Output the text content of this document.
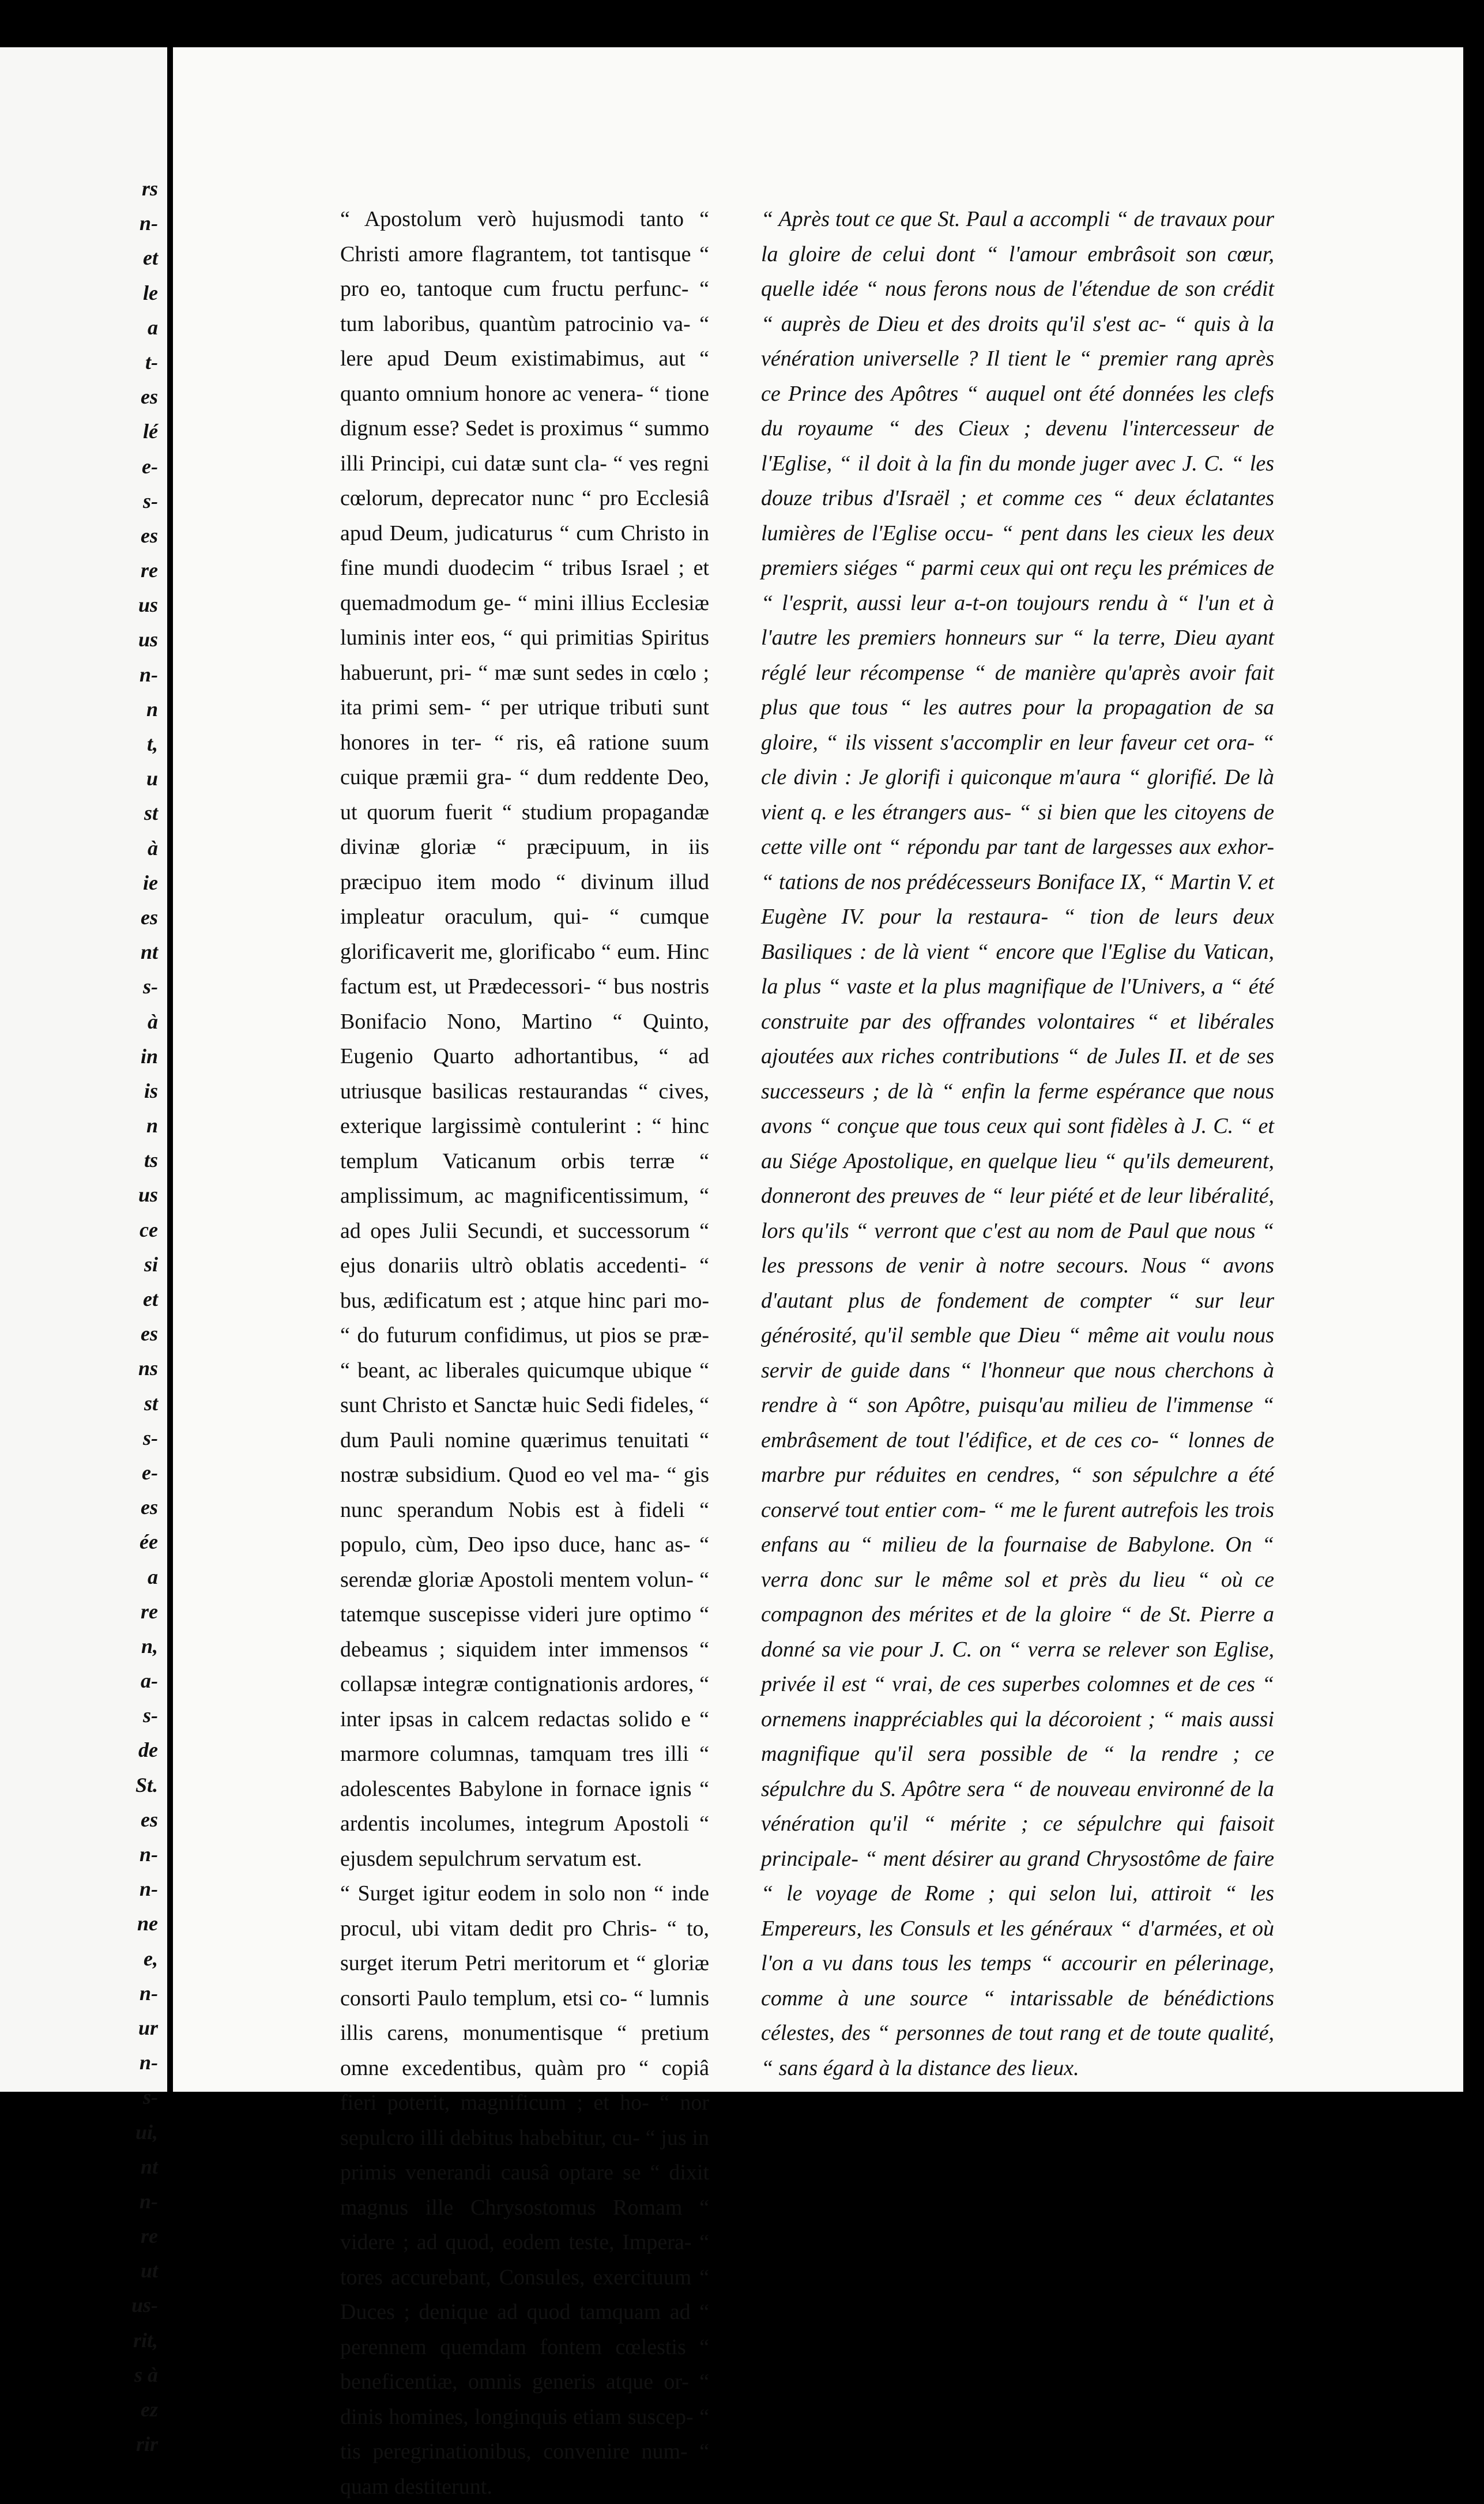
rs
n-
et
le
a
t-
es
lé
e-
s-
es
re
us
us
n-
n
t,
u
st
à
ie
es
nt
s-
à
in
is
n
ts
us
ce
si
et
es
ns
st
s-
e-
es
ée
a
re
n,
a-
s-
de
St.
es
n-
n-
ne
e,
n-
ur
n-
s-
ui,
nt
n-
re
ut
us-
rit,
s à
ez
rir

“ Apostolum verò hujusmodi tanto “ Christi amore flagrantem, tot tantisque “ pro eo, tantoque cum fructu perfunc- “ tum laboribus, quantùm patrocinio va- “ lere apud Deum existimabimus, aut “ quanto omnium honore ac venera- “ tione dignum esse? Sedet is proximus “ summo illi Principi, cui datæ sunt cla- “ ves regni cœlorum, deprecator nunc “ pro Ecclesiâ apud Deum, judicaturus “ cum Christo in fine mundi duodecim “ tribus Israel ; et quemadmodum ge- “ mini illius Ecclesiæ luminis inter eos, “ qui primitias Spiritus habuerunt, pri- “ mæ sunt sedes in cœlo ; ita primi sem- “ per utrique tributi sunt honores in ter- “ ris, eâ ratione suum cuique præmii gra- “ dum reddente Deo, ut quorum fuerit “ studium propagandæ divinæ gloriæ “ præcipuum, in iis præcipuo item modo “ divinum illud impleatur oraculum, qui- “ cumque glorificaverit me, glorificabo “ eum. Hinc factum est, ut Prædecessori- “ bus nostris Bonifacio Nono, Martino “ Quinto, Eugenio Quarto adhortantibus, “ ad utriusque basilicas restaurandas “ cives, exterique largissimè contulerint : “ hinc templum Vaticanum orbis terræ “ amplissimum, ac magnificentissimum, “ ad opes Julii Secundi, et successorum “ ejus donariis ultrò oblatis accedenti- “ bus, ædificatum est ; atque hinc pari mo- “ do futurum confidimus, ut pios se præ- “ beant, ac liberales quicumque ubique “ sunt Christo et Sanctæ huic Sedi fideles, “ dum Pauli nomine quærimus tenuitati “ nostræ subsidium. Quod eo vel ma- “ gis nunc sperandum Nobis est à fideli “ populo, cùm, Deo ipso duce, hanc as- “ serendæ gloriæ Apostoli mentem volun- “ tatemque suscepisse videri jure optimo “ debeamus ; siquidem inter immensos “ collapsæ integræ contignationis ardores, “ inter ipsas in calcem redactas solido e “ marmore columnas, tamquam tres illi “ adolescentes Babylone in fornace ignis “ ardentis incolumes, integrum Apostoli “ ejusdem sepulchrum servatum est.

“ Surget igitur eodem in solo non “ inde procul, ubi vitam dedit pro Chris- “ to, surget iterum Petri meritorum et “ gloriæ consorti Paulo templum, etsi co- “ lumnis illis carens, monumentisque “ pretium omne excedentibus, quàm pro “ copiâ fieri poterit, magnificum ; et ho- “ nor sepulcro illi debitus habebitur, cu- “ jus in primis venerandi causâ optare se “ dixit magnus ille Chrysostomus Romam “ videre ; ad quod, eodem teste, Impera- “ tores accurebant, Consules, exercituum “ Duces ; denique ad quod tamquam ad “ perennem quemdam fontem cœlestis “ beneficentiæ, omnis generis atque or- “ dinis homines, longinquis etiam suscep- “ tis peregrinationibus, convenire num- “ quam destiterunt.

“ Après tout ce que St. Paul a accompli “ de travaux pour la gloire de celui dont “ l'amour embrâsoit son cœur, quelle idée “ nous ferons nous de l'étendue de son crédit “ auprès de Dieu et des droits qu'il s'est ac- “ quis à la vénération universelle ? Il tient le “ premier rang après ce Prince des Apôtres “ auquel ont été données les clefs du royaume “ des Cieux ; devenu l'intercesseur de l'Eglise, “ il doit à la fin du monde juger avec J. C. “ les douze tribus d'Israël ; et comme ces “ deux éclatantes lumières de l'Eglise occu- “ pent dans les cieux les deux premiers siéges “ parmi ceux qui ont reçu les prémices de “ l'esprit, aussi leur a-t-on toujours rendu à “ l'un et à l'autre les premiers honneurs sur “ la terre, Dieu ayant réglé leur récompense “ de manière qu'après avoir fait plus que tous “ les autres pour la propagation de sa gloire, “ ils vissent s'accomplir en leur faveur cet ora- “ cle divin : Je glorifi i quiconque m'aura “ glorifié. De là vient q. e les étrangers aus- “ si bien que les citoyens de cette ville ont “ répondu par tant de largesses aux exhor- “ tations de nos prédécesseurs Boniface IX, “ Martin V. et Eugène IV. pour la restaura- “ tion de leurs deux Basiliques : de là vient “ encore que l'Eglise du Vatican, la plus “ vaste et la plus magnifique de l'Univers, a “ été construite par des offrandes volontaires “ et libérales ajoutées aux riches contributions “ de Jules II. et de ses successeurs ; de là “ enfin la ferme espérance que nous avons “ conçue que tous ceux qui sont fidèles à J. C. “ et au Siége Apostolique, en quelque lieu “ qu'ils demeurent, donneront des preuves de “ leur piété et de leur libéralité, lors qu'ils “ verront que c'est au nom de Paul que nous “ les pressons de venir à notre secours. Nous “ avons d'autant plus de fondement de compter “ sur leur générosité, qu'il semble que Dieu “ même ait voulu nous servir de guide dans “ l'honneur que nous cherchons à rendre à “ son Apôtre, puisqu'au milieu de l'immense “ embrâsement de tout l'édifice, et de ces co- “ lonnes de marbre pur réduites en cendres, “ son sépulchre a été conservé tout entier com- “ me le furent autrefois les trois enfans au “ milieu de la fournaise de Babylone. On “ verra donc sur le même sol et près du lieu “ où ce compagnon des mérites et de la gloire “ de St. Pierre a donné sa vie pour J. C. on “ verra se relever son Eglise, privée il est “ vrai, de ces superbes colomnes et de ces “ ornemens inappréciables qui la décoroient ; “ mais aussi magnifique qu'il sera possible de “ la rendre ; ce sépulchre du S. Apôtre sera “ de nouveau environné de la vénération qu'il “ mérite ; ce sépulchre qui faisoit principale- “ ment désirer au grand Chrysostôme de faire “ le voyage de Rome ; qui selon lui, attiroit “ les Empereurs, les Consuls et les généraux “ d'armées, et où l'on a vu dans tous les temps “ accourir en pélerinage, comme à une source “ intarissable de bénédictions célestes, des “ personnes de tout rang et de toute qualité, “ sans égard à la distance des lieux.
